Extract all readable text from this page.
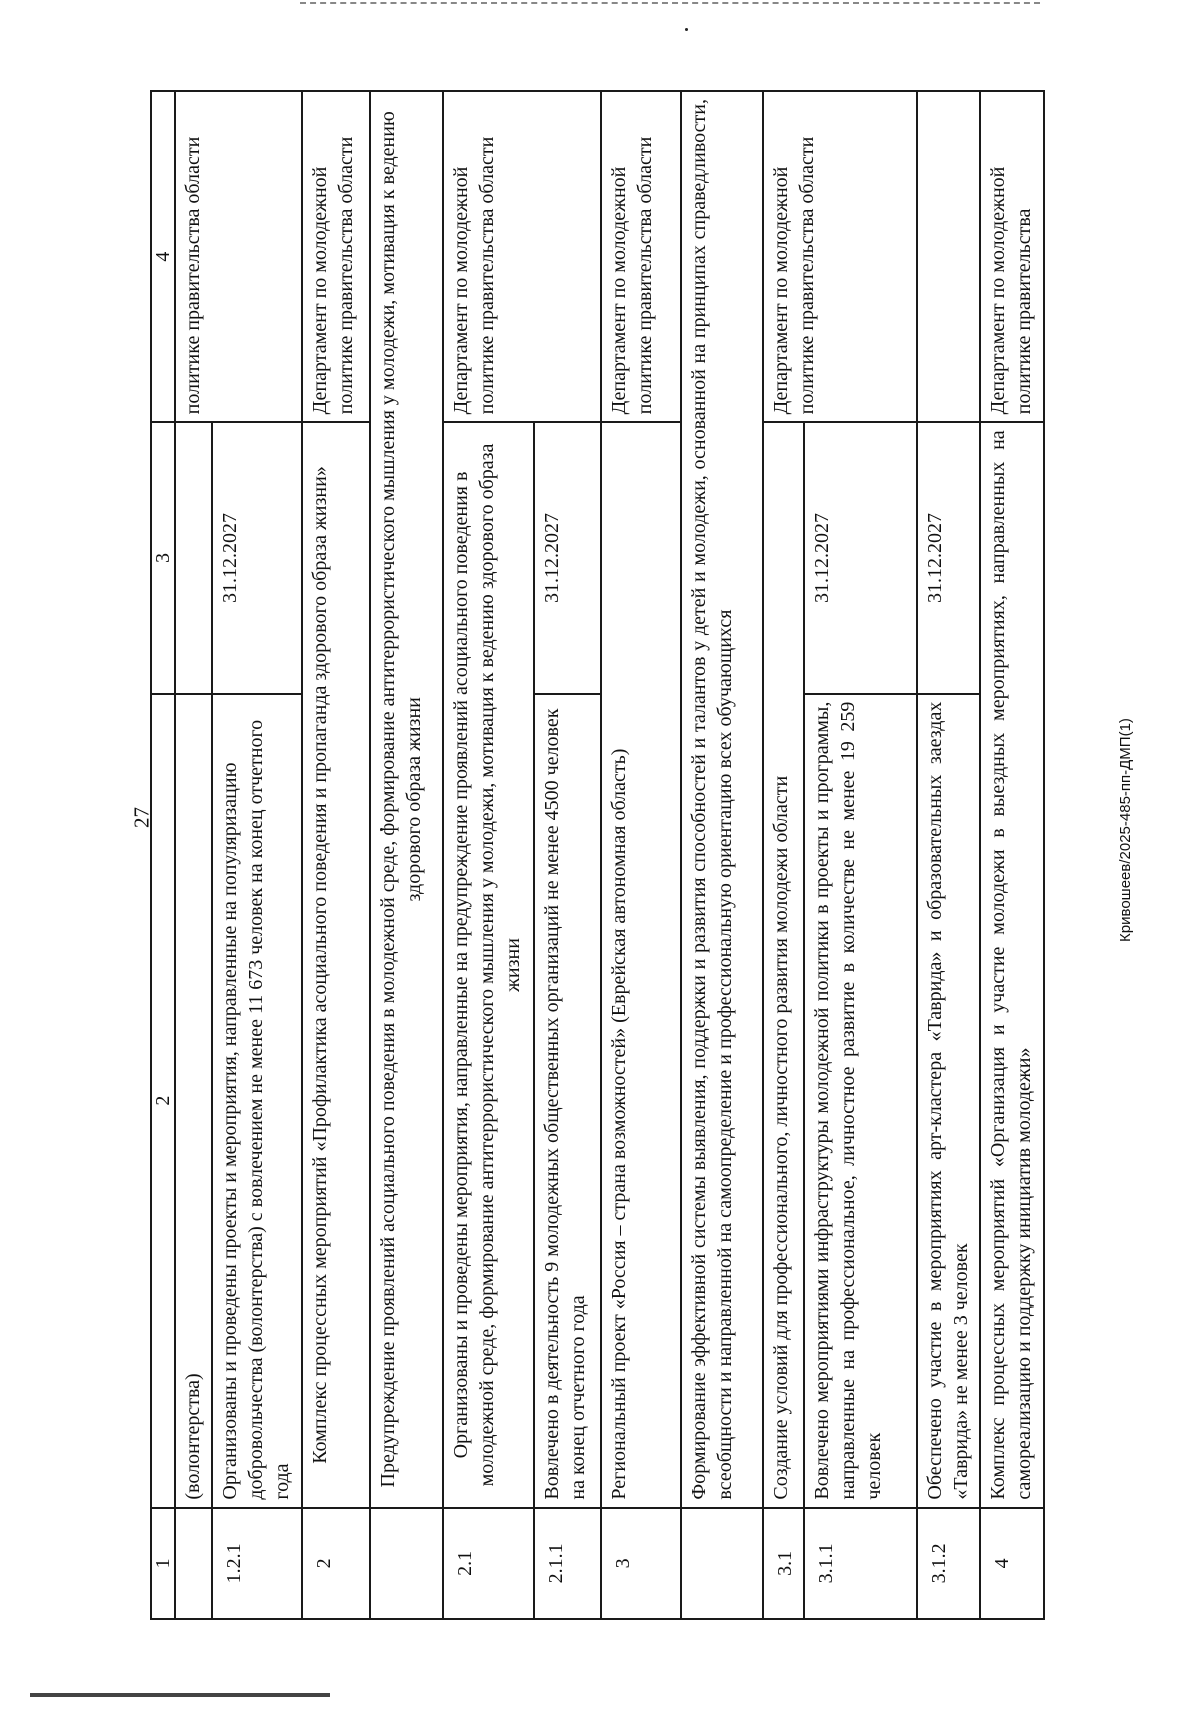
27	Кривошеев/2025-485-пп-ДМП(1)
1	2	3	4
	(волонтерства)		политике правительства области
1.2.1	Организованы и проведены проекты и мероприятия, направленные на популяризацию добровольчества (волонтерства) с вовлечением не менее 11 673 человек на конец отчетного года	31.12.2027	
2	Комплекс процессных мероприятий «Профилактика асоциального поведения и пропаганда здорового образа жизни»		Департамент по молодежной политике правительства области
	Предупреждение проявлений асоциального поведения в молодежной среде, формирование антитеррористического мышления у молодежи, мотивация к ведению здорового образа жизни		
2.1	Организованы и проведены мероприятия, направленные на предупреждение проявлений асоциального поведения в молодежной среде, формирование антитеррористического мышления у молодежи, мотивация к ведению здорового образа жизни		Департамент по молодежной политике правительства области
2.1.1	Вовлечено в деятельность 9 молодежных общественных организаций не менее 4500 человек на конец отчетного года	31.12.2027	
3	Региональный проект «Россия – страна возможностей» (Еврейская автономная область)		Департамент по молодежной политике правительства области
	Формирование эффективной системы выявления, поддержки и развития способностей и талантов у детей и молодежи, основанной на принципах справедливости, всеобщности и направленной на самоопределение и профессиональную ориентацию всех обучающихся		
3.1	Создание условий для профессионального, личностного развития молодежи области		Департамент по молодежной политике правительства области
3.1.1	Вовлечено мероприятиями инфраструктуры молодежной политики в проекты и программы, направленные на профессиональное, личностное развитие в количестве не менее 19 259 человек	31.12.2027	
3.1.2	Обеспечено участие в мероприятиях арт-кластера «Таврида» и образовательных заездах «Таврида» не менее 3 человек	31.12.2027	
4	Комплекс процессных мероприятий «Организация и участие молодежи в выездных мероприятиях, направленных на самореализацию и поддержку инициатив молодежи»		Департамент по молодежной политике правительства
